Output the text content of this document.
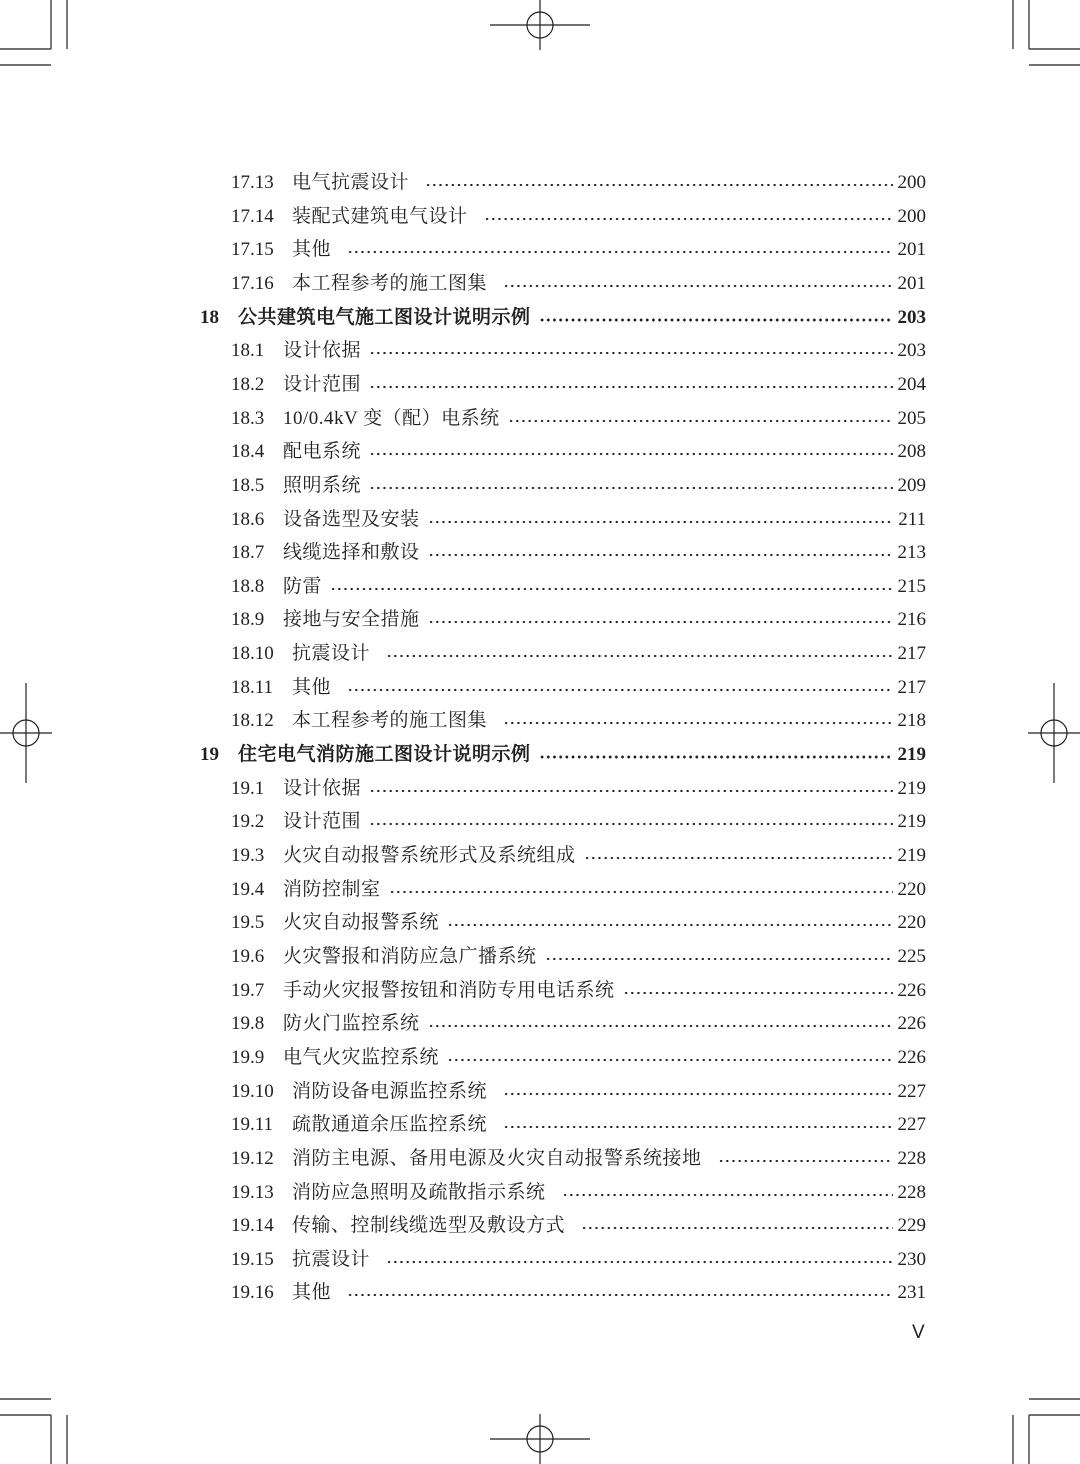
17.13 电气抗震设计	200
17.14 装配式建筑电气设计	200
17.15 其他	201
17.16 本工程参考的施工图集	201
18 公共建筑电气施工图设计说明示例	203
18.1 设计依据	203
18.2 设计范围	204
18.3 10/0.4kV 变（配）电系统	205
18.4 配电系统	208
18.5 照明系统	209
18.6 设备选型及安装	211
18.7 线缆选择和敷设	213
18.8 防雷	215
18.9 接地与安全措施	216
18.10 抗震设计	217
18.11 其他	217
18.12 本工程参考的施工图集	218
19 住宅电气消防施工图设计说明示例	219
19.1 设计依据	219
19.2 设计范围	219
19.3 火灾自动报警系统形式及系统组成	219
19.4 消防控制室	220
19.5 火灾自动报警系统	220
19.6 火灾警报和消防应急广播系统	225
19.7 手动火灾报警按钮和消防专用电话系统	226
19.8 防火门监控系统	226
19.9 电气火灾监控系统	226
19.10 消防设备电源监控系统	227
19.11 疏散通道余压监控系统	227
19.12 消防主电源、备用电源及火灾自动报警系统接地	228
19.13 消防应急照明及疏散指示系统	228
19.14 传输、控制线缆选型及敷设方式	229
19.15 抗震设计	230
19.16 其他	231
V
